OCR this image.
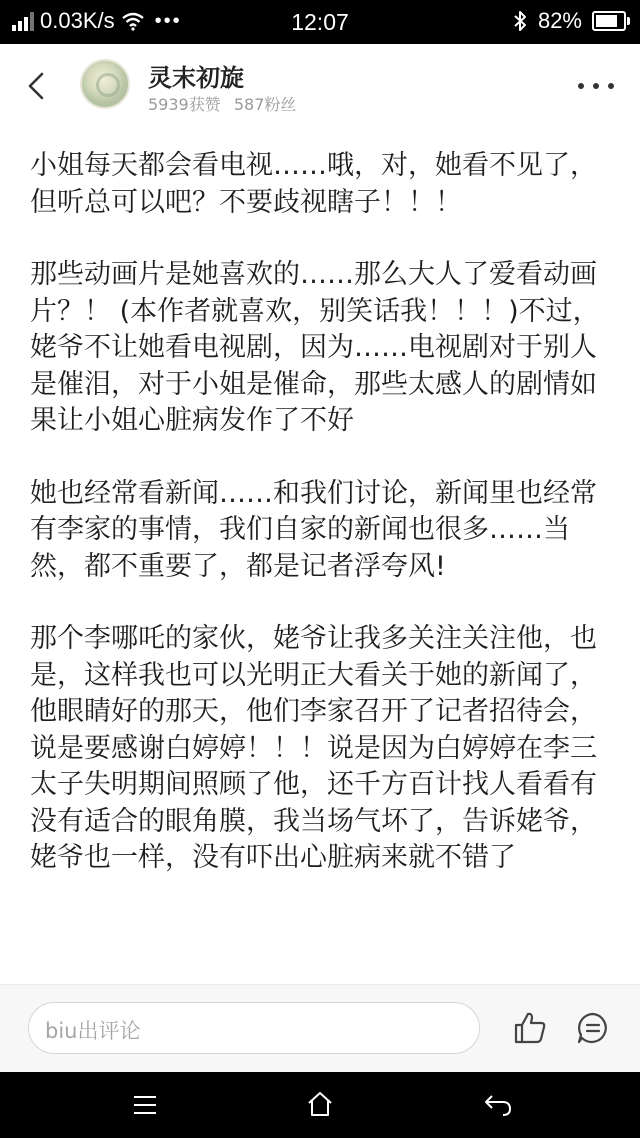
0.03K/s •••	12:07	82%
灵末初旋
5939获赞 587粉丝

小姐每天都会看电视……哦，对，她看不见了，但听总可以吧？不要歧视瞎子！！！

那些动画片是她喜欢的……那么大人了爱看动画片？！ (本作者就喜欢，别笑话我！！！)不过，姥爷不让她看电视剧，因为……电视剧对于别人是催泪，对于小姐是催命，那些太感人的剧情如果让小姐心脏病发作了不好

她也经常看新闻……和我们讨论，新闻里也经常有李家的事情，我们自家的新闻也很多……当然，都不重要了，都是记者浮夸风!

那个李哪吒的家伙，姥爷让我多关注关注他，也是，这样我也可以光明正大看关于她的新闻了，他眼睛好的那天，他们李家召开了记者招待会，说是要感谢白婷婷！！！说是因为白婷婷在李三太子失明期间照顾了他，还千方百计找人看看有没有适合的眼角膜，我当场气坏了，告诉姥爷，姥爷也一样，没有吓出心脏病来就不错了

biu出评论
